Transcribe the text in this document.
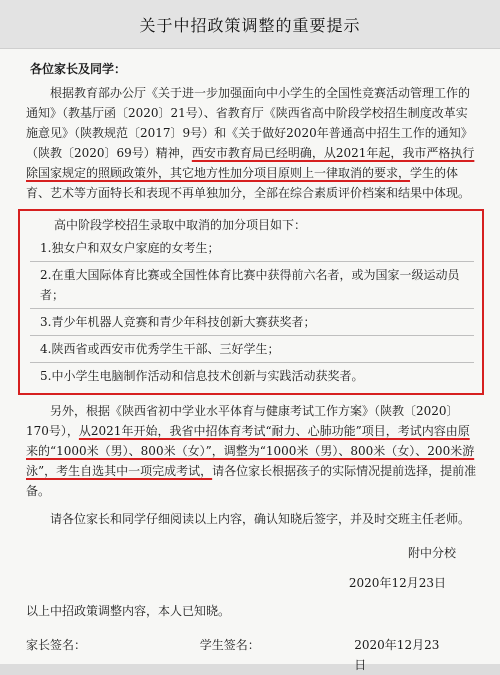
关于中招政策调整的重要提示

各位家长及同学：

根据教育部办公厅《关于进一步加强面向中小学生的全国性竞赛活动管理工作的通知》（教基厅函〔2020〕21号）、省教育厅《陕西省高中阶段学校招生制度改革实施意见》（陕教规范〔2017〕9号）和《关于做好2020年普通高中招生工作的通知》（陕教〔2020〕69号）精神，西安市教育局已经明确，从2021年起，我市严格执行除国家规定的照顾政策外，其它地方性加分项目原则上一律取消的要求，学生的体育、艺术等方面特长和表现不再单独加分，全部在综合素质评价档案和结果中体现。

高中阶段学校招生录取中取消的加分项目如下：

1.独女户和双女户家庭的女考生；
2.在重大国际体育比赛或全国性体育比赛中获得前六名者，或为国家一级运动员者；
3.青少年机器人竞赛和青少年科技创新大赛获奖者；
4.陕西省或西安市优秀学生干部、三好学生；
5.中小学生电脑制作活动和信息技术创新与实践活动获奖者。

另外，根据《陕西省初中学业水平体育与健康考试工作方案》（陕教〔2020〕170号），从2021年开始，我省中招体育考试“耐力、心肺功能”项目，考试内容由原来的“1000米（男）、800米（女）”，调整为“1000米（男）、800米（女）、200米游泳”，考生自选其中一项完成考试，请各位家长根据孩子的实际情况提前选择，提前准备。

请各位家长和同学仔细阅读以上内容，确认知晓后签字，并及时交班主任老师。

附中分校

2020年12月23日

以上中招政策调整内容，本人已知晓。

家长签名：	学生签名：	2020年12月23日
